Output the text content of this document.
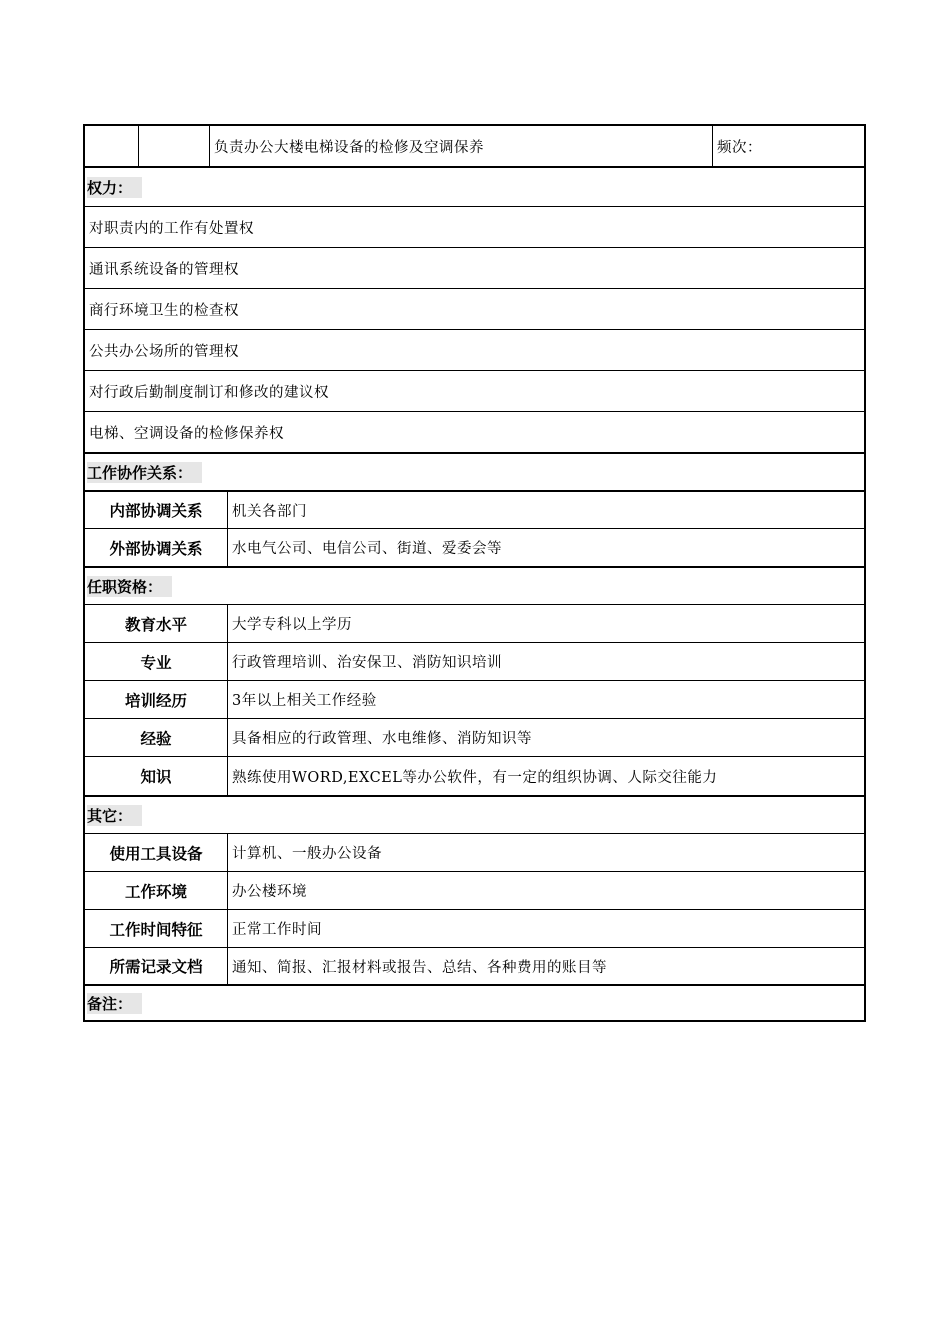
负责办公大楼电梯设备的检修及空调保养	频次：
权力：
对职责内的工作有处置权
通讯系统设备的管理权
商行环境卫生的检查权
公共办公场所的管理权
对行政后勤制度制订和修改的建议权
电梯、空调设备的检修保养权
工作协作关系：
内部协调关系	机关各部门
外部协调关系	水电气公司、电信公司、街道、爱委会等
任职资格：
教育水平	大学专科以上学历
专业	行政管理培训、治安保卫、消防知识培训
培训经历	3年以上相关工作经验
经验	具备相应的行政管理、水电维修、消防知识等
知识	熟练使用WORD,EXCEL等办公软件，有一定的组织协调、人际交往能力
其它：
使用工具设备	计算机、一般办公设备
工作环境	办公楼环境
工作时间特征	正常工作时间
所需记录文档	通知、简报、汇报材料或报告、总结、各种费用的账目等
备注：
